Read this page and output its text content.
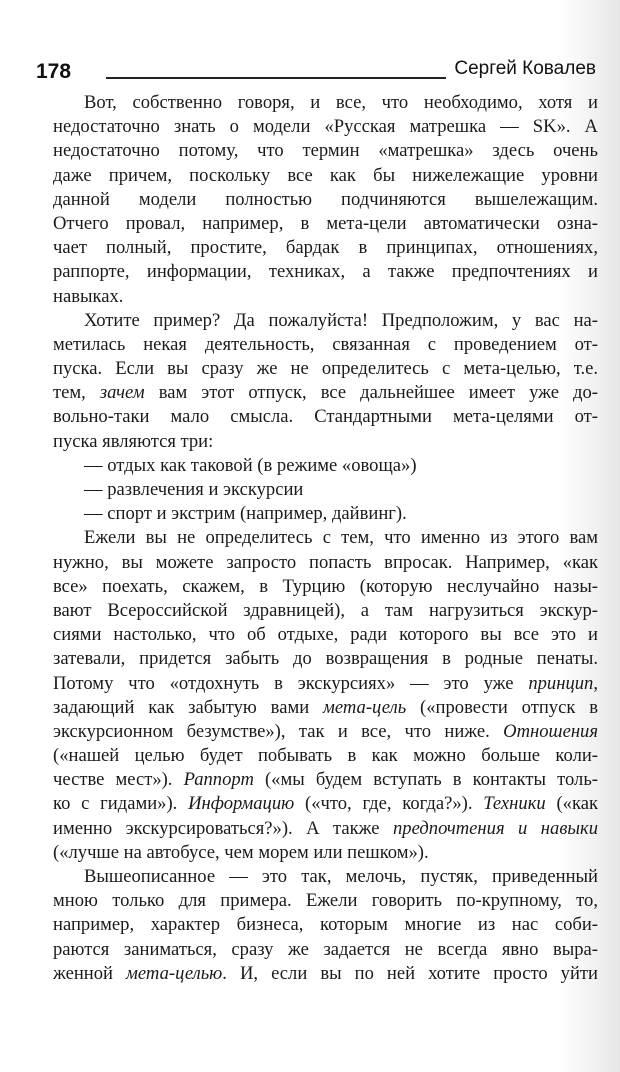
178	Сергей Ковалев
Вот, собственно говоря, и все, что необходимо, хотя и
недостаточно знать о модели «Русская матрешка — SK». А
недостаточно потому, что термин «матрешка» здесь очень
даже причем, поскольку все как бы нижележащие уровни
данной модели полностью подчиняются вышележащим.
Отчего провал, например, в мета-цели автоматически озна-
чает полный, простите, бардак в принципах, отношениях,
раппорте, информации, техниках, а также предпочтениях и
навыках.
Хотите пример? Да пожалуйста! Предположим, у вас на-
метилась некая деятельность, связанная с проведением от-
пуска. Если вы сразу же не определитесь с мета-целью, т.е.
тем, зачем вам этот отпуск, все дальнейшее имеет уже до-
вольно-таки мало смысла. Стандартными мета-целями от-
пуска являются три:
— отдых как таковой (в режиме «овоща»)
— развлечения и экскурсии
— спорт и экстрим (например, дайвинг).
Ежели вы не определитесь с тем, что именно из этого вам
нужно, вы можете запросто попасть впросак. Например, «как
все» поехать, скажем, в Турцию (которую неслучайно назы-
вают Всероссийской здравницей), а там нагрузиться экскур-
сиями настолько, что об отдыхе, ради которого вы все это и
затевали, придется забыть до возвращения в родные пенаты.
Потому что «отдохнуть в экскурсиях» — это уже принцип,
задающий как забытую вами мета-цель («провести отпуск в
экскурсионном безумстве»), так и все, что ниже. Отношения
(«нашей целью будет побывать в как можно больше коли-
честве мест»). Раппорт («мы будем вступать в контакты толь-
ко с гидами»). Информацию («что, где, когда?»). Техники («как
именно экскурсироваться?»). А также предпочтения и навыки
(«лучше на автобусе, чем морем или пешком»).
Вышеописанное — это так, мелочь, пустяк, приведенный
мною только для примера. Ежели говорить по-крупному, то,
например, характер бизнеса, которым многие из нас соби-
раются заниматься, сразу же задается не всегда явно выра-
женной мета-целью. И, если вы по ней хотите просто уйти
